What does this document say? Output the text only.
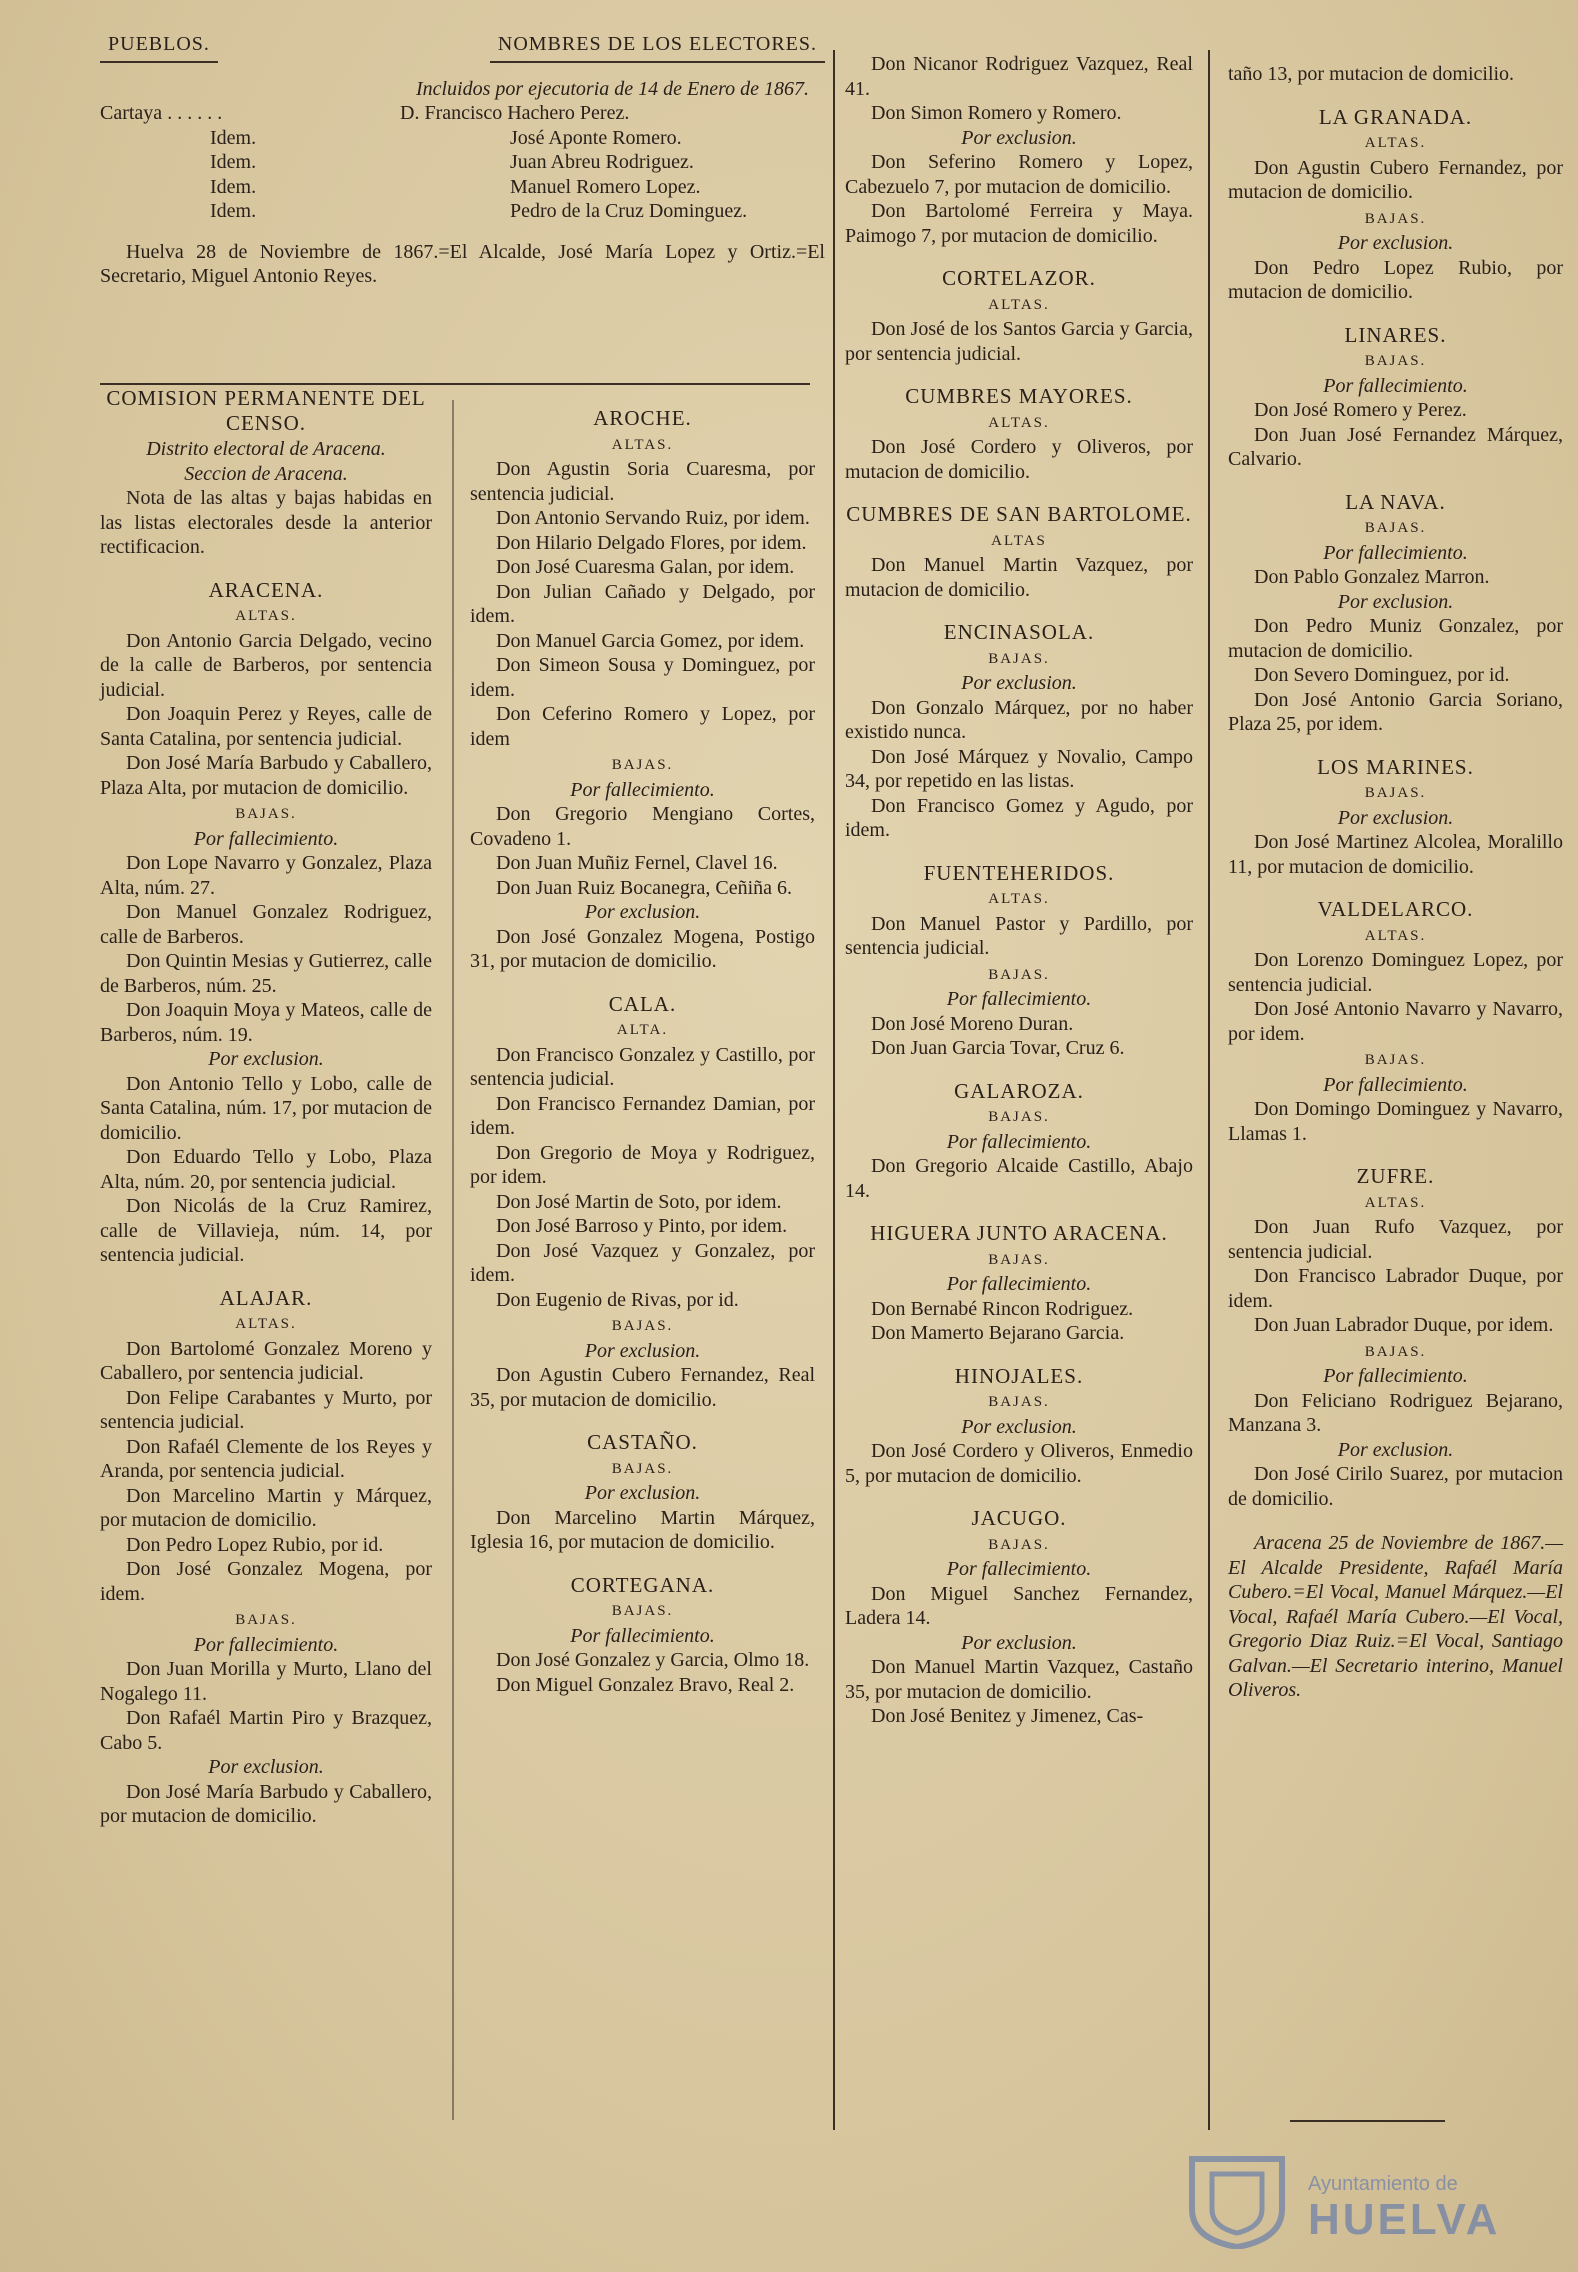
PUEBLOS.	NOMBRES DE LOS ELECTORES.
Incluidos por ejecutoria de 14 de Enero de 1867.
Cartaya . . . . . .	D. Francisco Hachero Perez.
Idem.	José Aponte Romero.
Idem.	Juan Abreu Rodriguez.
Idem.	Manuel Romero Lopez.
Idem.	Pedro de la Cruz Dominguez.

Huelva 28 de Noviembre de 1867.=El Alcalde, José María Lopez y Ortiz.=El Secretario, Miguel Antonio Reyes.

COMISION PERMANENTE DEL CENSO.
Distrito electoral de Aracena.
Seccion de Aracena.

Nota de las altas y bajas habidas en las listas electorales desde la anterior rectificacion.

ARACENA.
ALTAS.

Don Antonio Garcia Delgado, vecino de la calle de Barberos, por sentencia judicial.

Don Joaquin Perez y Reyes, calle de Santa Catalina, por sentencia judicial.

Don José María Barbudo y Caballero, Plaza Alta, por mutacion de domicilio.

BAJAS.
Por fallecimiento.

Don Lope Navarro y Gonzalez, Plaza Alta, núm. 27.

Don Manuel Gonzalez Rodriguez, calle de Barberos.

Don Quintin Mesias y Gutierrez, calle de Barberos, núm. 25.

Don Joaquin Moya y Mateos, calle de Barberos, núm. 19.

Por exclusion.

Don Antonio Tello y Lobo, calle de Santa Catalina, núm. 17, por mutacion de domicilio.

Don Eduardo Tello y Lobo, Plaza Alta, núm. 20, por sentencia judicial.

Don Nicolás de la Cruz Ramirez, calle de Villavieja, núm. 14, por sentencia judicial.

ALAJAR.
ALTAS.

Don Bartolomé Gonzalez Moreno y Caballero, por sentencia judicial.

Don Felipe Carabantes y Murto, por sentencia judicial.

Don Rafaél Clemente de los Reyes y Aranda, por sentencia judicial.

Don Marcelino Martin y Márquez, por mutacion de domicilio.

Don Pedro Lopez Rubio, por id.

Don José Gonzalez Mogena, por idem.

BAJAS.
Por fallecimiento.

Don Juan Morilla y Murto, Llano del Nogalego 11.

Don Rafaél Martin Piro y Brazquez, Cabo 5.

Por exclusion.

Don José María Barbudo y Caballero, por mutacion de domicilio.

AROCHE.
ALTAS.

Don Agustin Soria Cuaresma, por sentencia judicial.

Don Antonio Servando Ruiz, por idem.

Don Hilario Delgado Flores, por idem.

Don José Cuaresma Galan, por idem.

Don Julian Cañado y Delgado, por idem.

Don Manuel Garcia Gomez, por idem.

Don Simeon Sousa y Dominguez, por idem.

Don Ceferino Romero y Lopez, por idem

BAJAS.
Por fallecimiento.

Don Gregorio Mengiano Cortes, Covadeno 1.

Don Juan Muñiz Fernel, Clavel 16.

Don Juan Ruiz Bocanegra, Ceñiña 6.

Por exclusion.

Don José Gonzalez Mogena, Postigo 31, por mutacion de domicilio.

CALA.
ALTA.

Don Francisco Gonzalez y Castillo, por sentencia judicial.

Don Francisco Fernandez Damian, por idem.

Don Gregorio de Moya y Rodriguez, por idem.

Don José Martin de Soto, por idem.

Don José Barroso y Pinto, por idem.

Don José Vazquez y Gonzalez, por idem.

Don Eugenio de Rivas, por id.

BAJAS.
Por exclusion.

Don Agustin Cubero Fernandez, Real 35, por mutacion de domicilio.

CASTAÑO.
BAJAS.
Por exclusion.

Don Marcelino Martin Márquez, Iglesia 16, por mutacion de domicilio.

CORTEGANA.
BAJAS.
Por fallecimiento.

Don José Gonzalez y Garcia, Olmo 18.

Don Miguel Gonzalez Bravo, Real 2.

Don Nicanor Rodriguez Vazquez, Real 41.

Don Simon Romero y Romero.

Por exclusion.

Don Seferino Romero y Lopez, Cabezuelo 7, por mutacion de domicilio.

Don Bartolomé Ferreira y Maya. Paimogo 7, por mutacion de domicilio.

CORTELAZOR.
ALTAS.

Don José de los Santos Garcia y Garcia, por sentencia judicial.

CUMBRES MAYORES.
ALTAS.

Don José Cordero y Oliveros, por mutacion de domicilio.

CUMBRES DE SAN BARTOLOME.
ALTAS

Don Manuel Martin Vazquez, por mutacion de domicilio.

ENCINASOLA.
BAJAS.
Por exclusion.

Don Gonzalo Márquez, por no haber existido nunca.

Don José Márquez y Novalio, Campo 34, por repetido en las listas.

Don Francisco Gomez y Agudo, por idem.

FUENTEHERIDOS.
ALTAS.

Don Manuel Pastor y Pardillo, por sentencia judicial.

BAJAS.
Por fallecimiento.

Don José Moreno Duran.

Don Juan Garcia Tovar, Cruz 6.

GALAROZA.
BAJAS.
Por fallecimiento.

Don Gregorio Alcaide Castillo, Abajo 14.

HIGUERA JUNTO ARACENA.
BAJAS.
Por fallecimiento.

Don Bernabé Rincon Rodriguez.

Don Mamerto Bejarano Garcia.

HINOJALES.
BAJAS.
Por exclusion.

Don José Cordero y Oliveros, Enmedio 5, por mutacion de domicilio.

JACUGO.
BAJAS.
Por fallecimiento.

Don Miguel Sanchez Fernandez, Ladera 14.

Por exclusion.

Don Manuel Martin Vazquez, Castaño 35, por mutacion de domicilio.

Don José Benitez y Jimenez, Cas-

taño 13, por mutacion de domicilio.

LA GRANADA.
ALTAS.

Don Agustin Cubero Fernandez, por mutacion de domicilio.

BAJAS.
Por exclusion.

Don Pedro Lopez Rubio, por mutacion de domicilio.

LINARES.
BAJAS.
Por fallecimiento.

Don José Romero y Perez.

Don Juan José Fernandez Márquez, Calvario.

LA NAVA.
BAJAS.
Por fallecimiento.

Don Pablo Gonzalez Marron.

Por exclusion.

Don Pedro Muniz Gonzalez, por mutacion de domicilio.

Don Severo Dominguez, por id.

Don José Antonio Garcia Soriano, Plaza 25, por idem.

LOS MARINES.
BAJAS.
Por exclusion.

Don José Martinez Alcolea, Moralillo 11, por mutacion de domicilio.

VALDELARCO.
ALTAS.

Don Lorenzo Dominguez Lopez, por sentencia judicial.

Don José Antonio Navarro y Navarro, por idem.

BAJAS.
Por fallecimiento.

Don Domingo Dominguez y Navarro, Llamas 1.

ZUFRE.
ALTAS.

Don Juan Rufo Vazquez, por sentencia judicial.

Don Francisco Labrador Duque, por idem.

Don Juan Labrador Duque, por idem.

BAJAS.
Por fallecimiento.

Don Feliciano Rodriguez Bejarano, Manzana 3.

Por exclusion.

Don José Cirilo Suarez, por mutacion de domicilio.

Aracena 25 de Noviembre de 1867.—El Alcalde Presidente, Rafaél María Cubero.=El Vocal, Manuel Márquez.—El Vocal, Rafaél María Cubero.—El Vocal, Gregorio Diaz Ruiz.=El Vocal, Santiago Galvan.—El Secretario interino, Manuel Oliveros.

Ayuntamiento de
HUELVA
